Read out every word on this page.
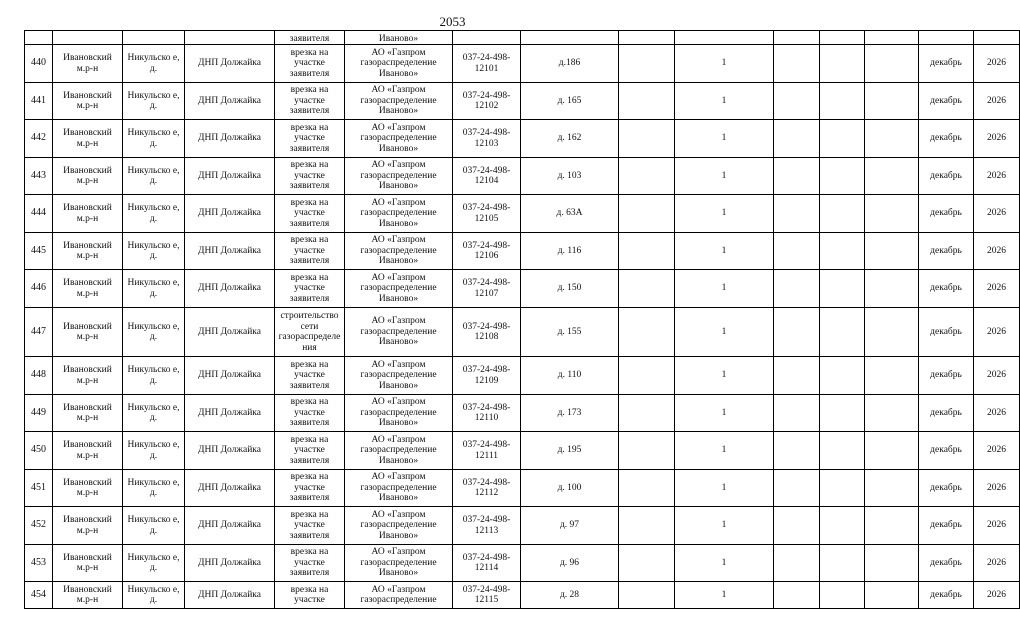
2053
				заявителя	Иваново»									
440	Ивановский м.р-н	Никульско е, д.	ДНП Должайка	врезка на участке заявителя	АО «Газпром газораспределение Иваново»	037-24-498-12101	д.186		1				декабрь	2026
441	Ивановский м.р-н	Никульско е, д.	ДНП Должайка	врезка на участке заявителя	АО «Газпром газораспределение Иваново»	037-24-498-12102	д. 165		1				декабрь	2026
442	Ивановский м.р-н	Никульско е, д.	ДНП Должайка	врезка на участке заявителя	АО «Газпром газораспределение Иваново»	037-24-498-12103	д. 162		1				декабрь	2026
443	Ивановский м.р-н	Никульско е, д.	ДНП Должайка	врезка на участке заявителя	АО «Газпром газораспределение Иваново»	037-24-498-12104	д. 103		1				декабрь	2026
444	Ивановский м.р-н	Никульско е, д.	ДНП Должайка	врезка на участке заявителя	АО «Газпром газораспределение Иваново»	037-24-498-12105	д. 63А		1				декабрь	2026
445	Ивановский м.р-н	Никульско е, д.	ДНП Должайка	врезка на участке заявителя	АО «Газпром газораспределение Иваново»	037-24-498-12106	д. 116		1				декабрь	2026
446	Ивановский м.р-н	Никульско е, д.	ДНП Должайка	врезка на участке заявителя	АО «Газпром газораспределение Иваново»	037-24-498-12107	д. 150		1				декабрь	2026
447	Ивановский м.р-н	Никульско е, д.	ДНП Должайка	строительство сети газораспределе ния	АО «Газпром газораспределение Иваново»	037-24-498-12108	д. 155		1				декабрь	2026
448	Ивановский м.р-н	Никульско е, д.	ДНП Должайка	врезка на участке заявителя	АО «Газпром газораспределение Иваново»	037-24-498-12109	д. 110		1				декабрь	2026
449	Ивановский м.р-н	Никульско е, д.	ДНП Должайка	врезка на участке заявителя	АО «Газпром газораспределение Иваново»	037-24-498-12110	д. 173		1				декабрь	2026
450	Ивановский м.р-н	Никульско е, д.	ДНП Должайка	врезка на участке заявителя	АО «Газпром газораспределение Иваново»	037-24-498-12111	д. 195		1				декабрь	2026
451	Ивановский м.р-н	Никульско е, д.	ДНП Должайка	врезка на участке заявителя	АО «Газпром газораспределение Иваново»	037-24-498-12112	д. 100		1				декабрь	2026
452	Ивановский м.р-н	Никульско е, д.	ДНП Должайка	врезка на участке заявителя	АО «Газпром газораспределение Иваново»	037-24-498-12113	д. 97		1				декабрь	2026
453	Ивановский м.р-н	Никульско е, д.	ДНП Должайка	врезка на участке заявителя	АО «Газпром газораспределение Иваново»	037-24-498-12114	д. 96		1				декабрь	2026
454	Ивановский м.р-н	Никульско е, д.	ДНП Должайка	врезка на участке	АО «Газпром газораспределение	037-24-498-12115	д. 28		1				декабрь	2026
